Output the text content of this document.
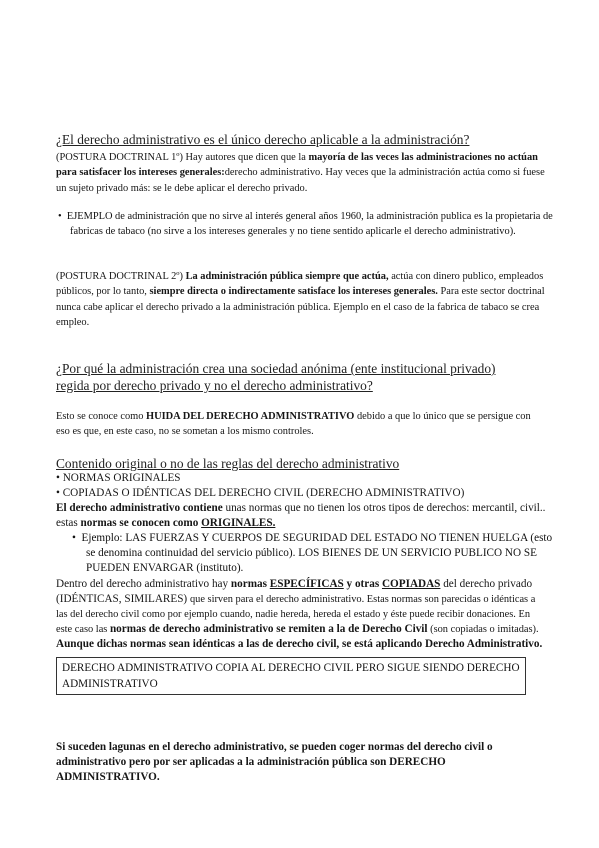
¿El derecho administrativo es el único derecho aplicable a la administración?
(POSTURA DOCTRINAL 1º) Hay autores que dicen que la mayoría de las veces las administraciones no actúan para satisfacer los intereses generales:derecho administrativo. Hay veces que la administración actúa como si fuese un sujeto privado más: se le debe aplicar el derecho privado.
•  EJEMPLO de administración que no sirve al interés general años 1960, la administración publica es la propietaria de fabricas de tabaco (no sirve a los intereses generales y no tiene sentido aplicarle el derecho administrativo).
(POSTURA DOCTRINAL 2º) La administración pública siempre que actúa, actúa con dinero publico, empleados públicos, por lo tanto, siempre directa o indirectamente satisface los intereses generales. Para este sector doctrinal nunca cabe aplicar el derecho privado a la administración pública. Ejemplo en el caso de la fabrica de tabaco se crea empleo.
¿Por qué la administración crea una sociedad anónima (ente institucional privado) regida por derecho privado y no el derecho administrativo?
Esto se conoce como HUIDA DEL DERECHO ADMINISTRATIVO debido a que lo único que se persigue con eso es que, en este caso, no se sometan a los mismo controles.
Contenido original o no de las reglas del derecho administrativo
• NORMAS ORIGINALES
• COPIADAS O IDÉNTICAS DEL DERECHO CIVIL (DERECHO ADMINISTRATIVO)
El derecho administrativo contiene unas normas que no tienen los otros tipos de derechos: mercantil, civil.. estas normas se conocen como ORIGINALES.
•  Ejemplo: LAS FUERZAS Y CUERPOS DE SEGURIDAD DEL ESTADO NO TIENEN HUELGA (esto se denomina continuidad del servicio público). LOS BIENES DE UN SERVICIO PUBLICO NO SE PUEDEN ENVARGAR (instituto).
Dentro del derecho administrativo hay normas ESPECÍFICAS y otras COPIADAS del derecho privado (IDÉNTICAS, SIMILARES) que sirven para el derecho administrativo. Estas normas son parecidas o idénticas a las del derecho civil como por ejemplo cuando, nadie hereda, hereda el estado y éste puede recibir donaciones. En este caso las normas de derecho administrativo se remiten a la de Derecho Civil (son copiadas o imitadas). Aunque dichas normas sean idénticas a las de derecho civil, se está aplicando Derecho Administrativo.
DERECHO ADMINISTRATIVO COPIA AL DERECHO CIVIL PERO SIGUE SIENDO DERECHO ADMINISTRATIVO
Si suceden lagunas en el derecho administrativo, se pueden coger normas del derecho civil o administrativo pero por ser aplicadas a la administración pública son DERECHO ADMINISTRATIVO.
